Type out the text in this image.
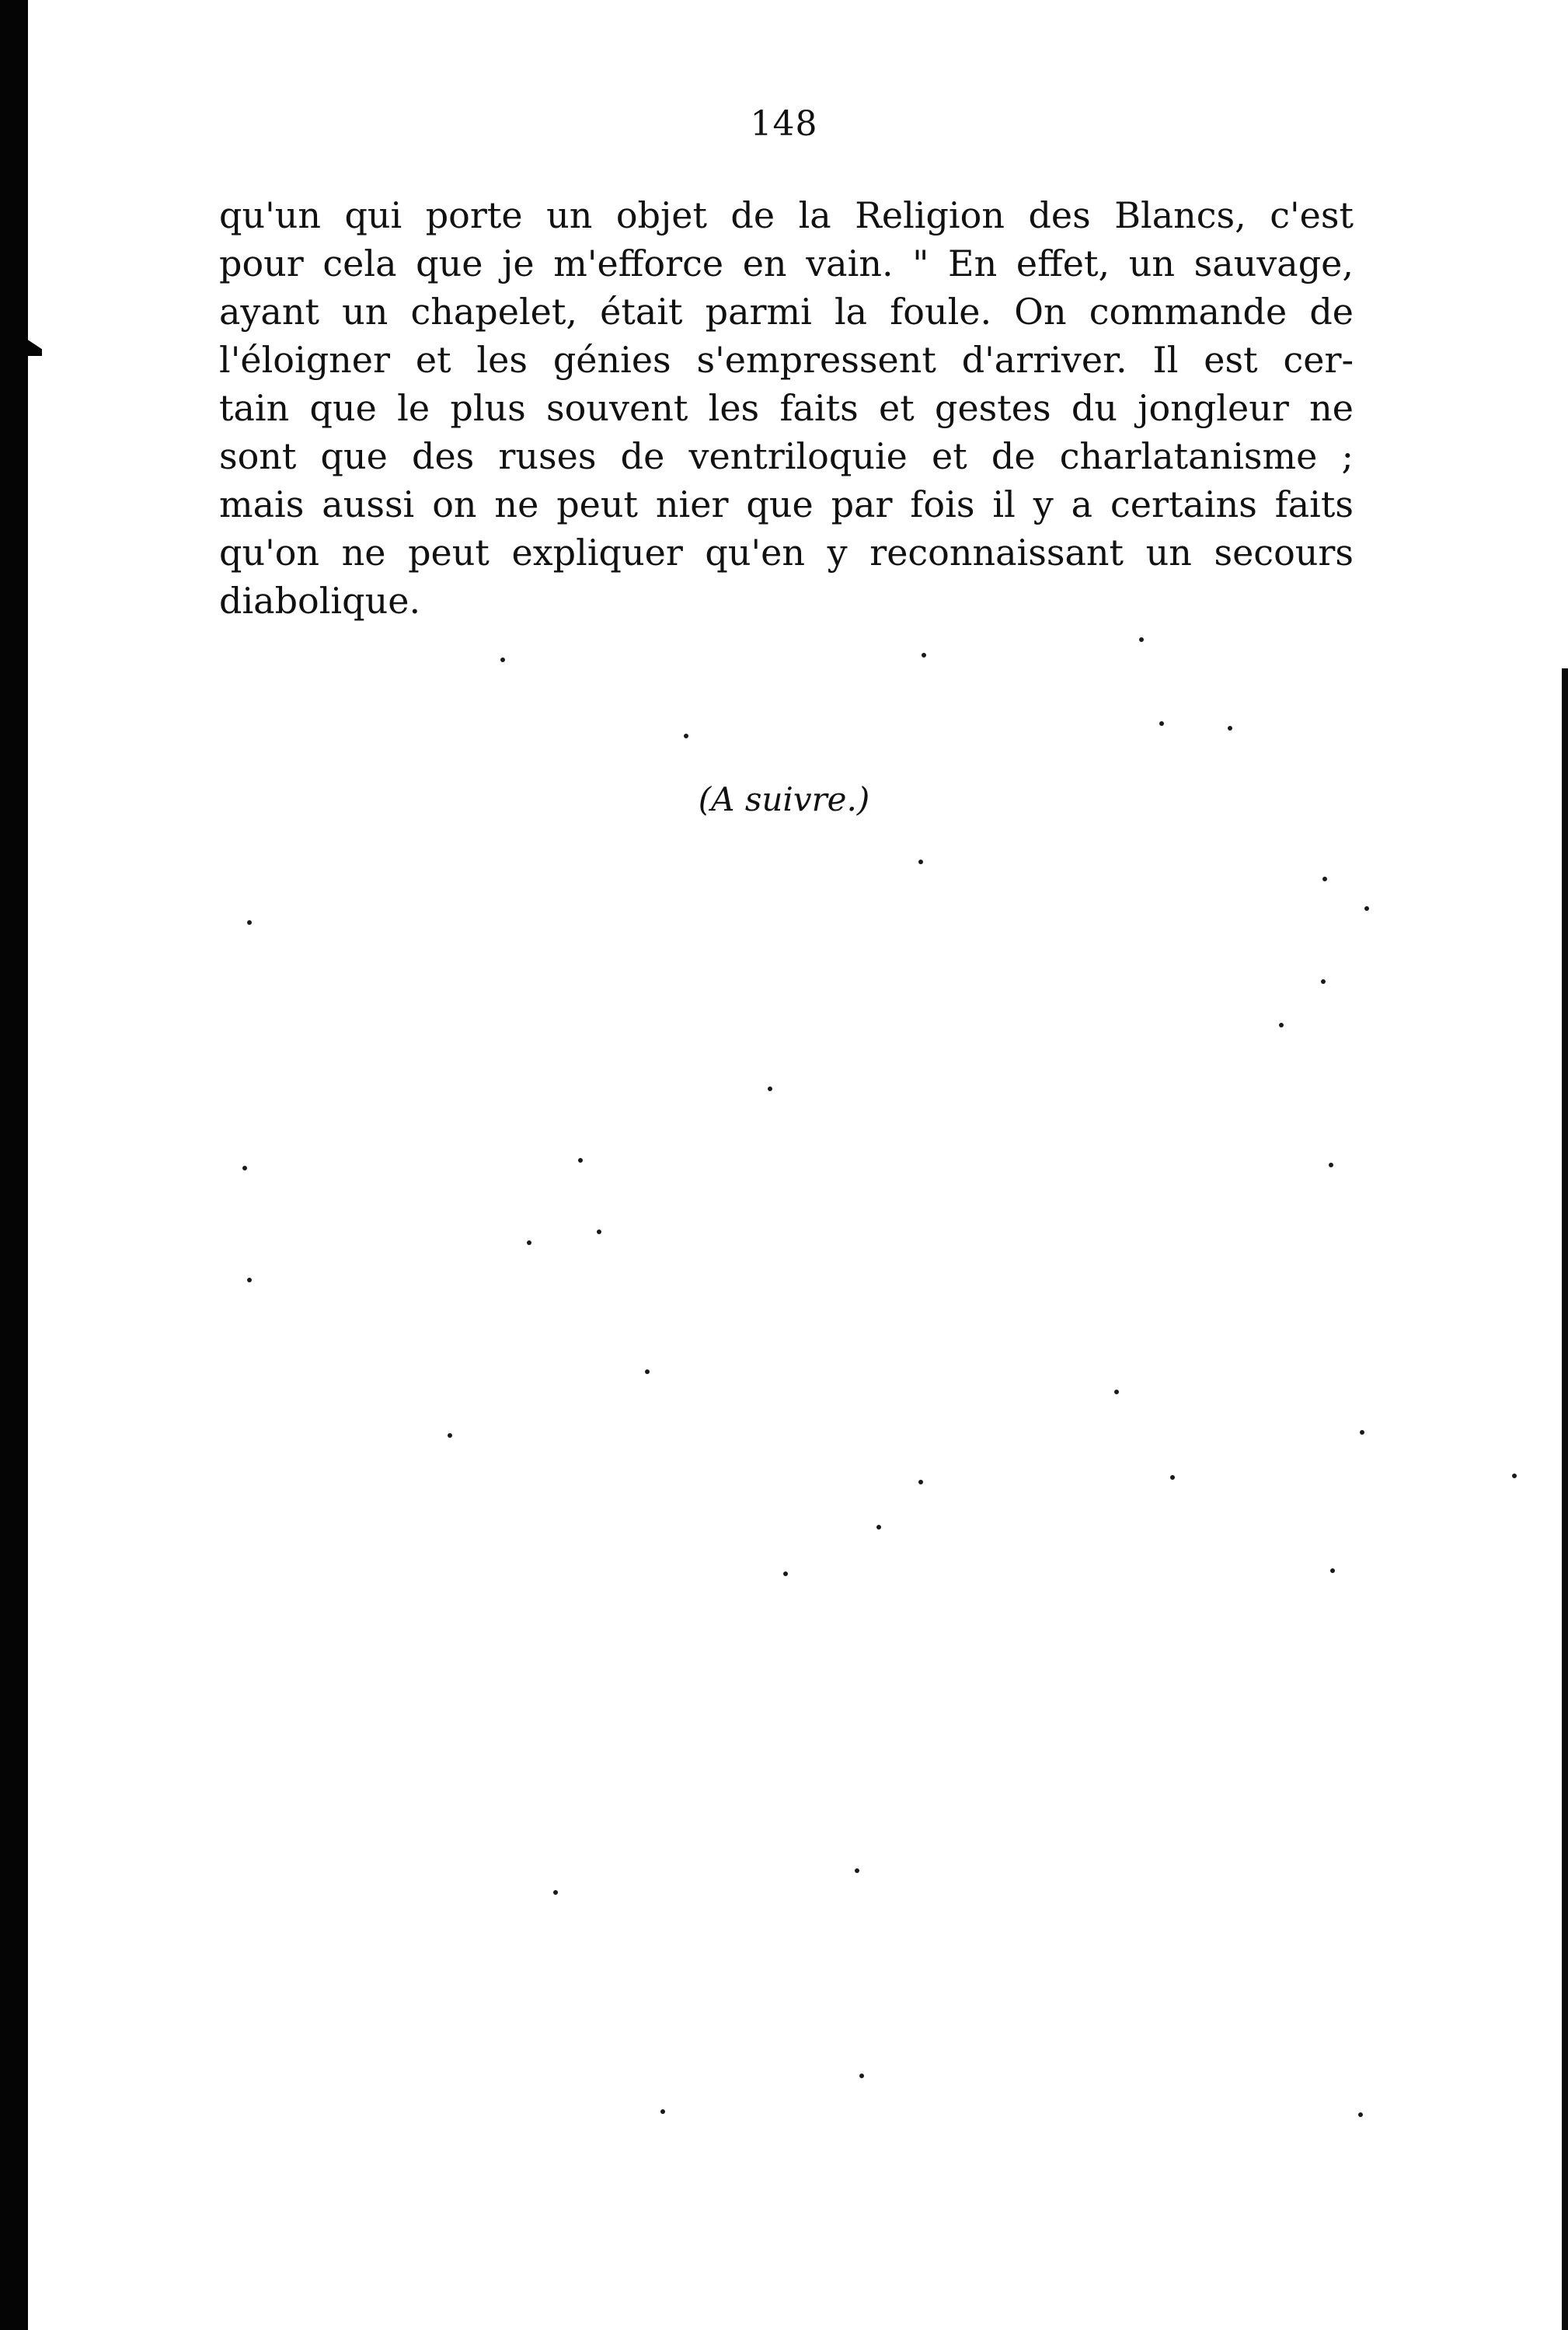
148
qu'un qui porte un objet de la Religion des Blancs, c'est
pour cela que je m'efforce en vain. " En effet, un sauvage,
ayant un chapelet, était parmi la foule. On commande de
l'éloigner et les génies s'empressent d'arriver. Il est cer-
tain que le plus souvent les faits et gestes du jongleur ne
sont que des ruses de ventriloquie et de charlatanisme ;
mais aussi on ne peut nier que par fois il y a certains faits
qu'on ne peut expliquer qu'en y reconnaissant un secours
diabolique.
(A suivre.)
